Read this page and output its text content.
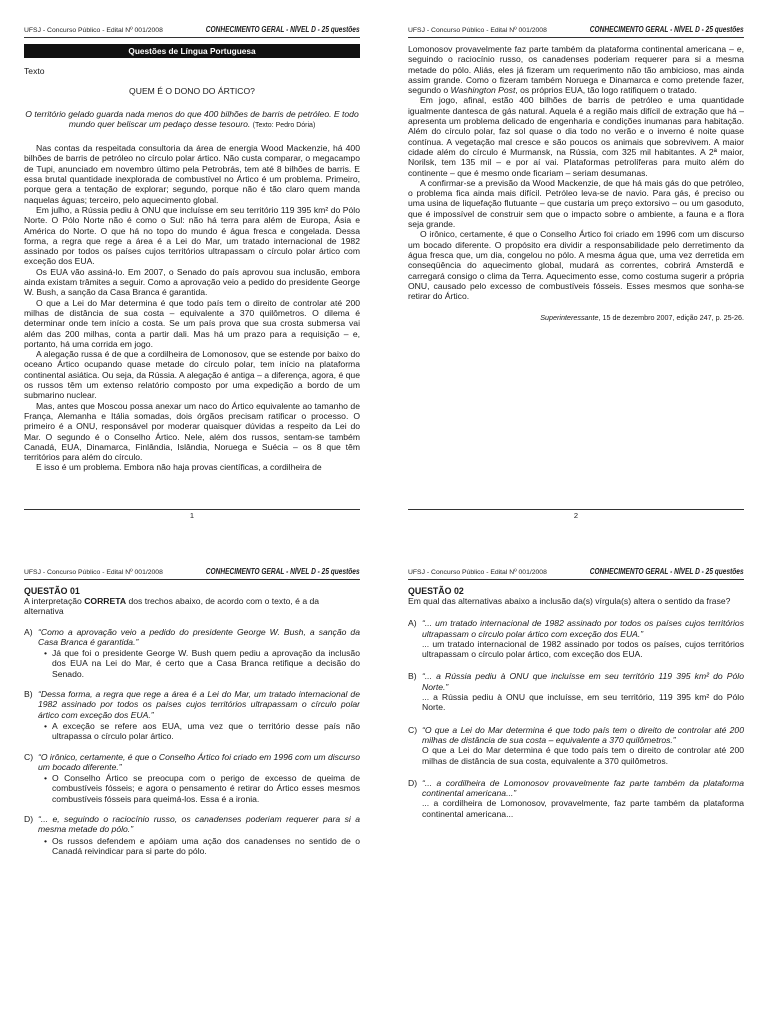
UFSJ - Concurso Público - Edital Nº 001/2008	CONHECIMENTO GERAL - NÍVEL D - 25 questões
Questões de Língua Portuguesa
Texto
QUEM É O DONO DO ÁRTICO?
O território gelado guarda nada menos do que 400 bilhões de barris de petróleo. E todo mundo quer beliscar um pedaço desse tesouro. (Texto: Pedro Dória)
Nas contas da respeitada consultoria da área de energia Wood Mackenzie, há 400 bilhões de barris de petróleo no círculo polar ártico. Não custa comparar, o megacampo de Tupi, anunciado em novembro último pela Petrobrás, tem até 8 bilhões de barris. E essa brutal quantidade inexplorada de combustível no Ártico é um problema. Primeiro, porque gera a tentação de explorar; segundo, porque não é tão claro quem manda naquelas águas; terceiro, pelo aquecimento global.
Em julho, a Rússia pediu à ONU que incluísse em seu território 119 395 km² do Pólo Norte. O Pólo Norte não é como o Sul: não há terra para além de Europa, Ásia e América do Norte. O que há no topo do mundo é água fresca e congelada. Dessa forma, a regra que rege a área é a Lei do Mar, um tratado internacional de 1982 assinado por todos os países cujos territórios ultrapassam o círculo polar ártico com exceção dos EUA.
Os EUA vão assiná-lo. Em 2007, o Senado do país aprovou sua inclusão, embora ainda existam trâmites a seguir. Como a aprovação veio a pedido do presidente George W. Bush, a sanção da Casa Branca é garantida.
O que a Lei do Mar determina é que todo país tem o direito de controlar até 200 milhas de distância de sua costa – equivalente a 370 quilômetros. O dilema é determinar onde tem início a costa. Se um país prova que sua crosta submersa vai além das 200 milhas, conta a partir dali. Mas há um prazo para a requisição – e, portanto, há uma corrida em jogo.
A alegação russa é de que a cordilheira de Lomonosov, que se estende por baixo do oceano Ártico ocupando quase metade do círculo polar, tem início na plataforma continental asiática. Ou seja, da Rússia. A alegação é antiga – a diferença, agora, é que os russos têm um extenso relatório composto por uma expedição a bordo de um submarino nuclear.
Mas, antes que Moscou possa anexar um naco do Ártico equivalente ao tamanho de França, Alemanha e Itália somadas, dois órgãos precisam ratificar o processo. O primeiro é a ONU, responsável por moderar quaisquer dúvidas a respeito da Lei do Mar. O segundo é o Conselho Ártico. Nele, além dos russos, sentam-se também Canadá, EUA, Dinamarca, Finlândia, Islândia, Noruega e Suécia – os 8 que têm territórios para além do círculo.
E isso é um problema. Embora não haja provas científicas, a cordilheira de
1
UFSJ - Concurso Público - Edital Nº 001/2008	CONHECIMENTO GERAL - NÍVEL D - 25 questões
Lomonosov provavelmente faz parte também da plataforma continental americana – e, seguindo o raciocínio russo, os canadenses poderiam requerer para si a mesma metade do pólo. Aliás, eles já fizeram um requerimento não tão ambicioso, mas ainda assim grande. Como o fizeram também Noruega e Dinamarca e como pretende fazer, segundo o Washington Post, os próprios EUA, tão logo ratifiquem o tratado.
Em jogo, afinal, estão 400 bilhões de barris de petróleo e uma quantidade igualmente dantesca de gás natural. Aquela é a região mais difícil de extração que há – apresenta um problema delicado de engenharia e condições inumanas para habitação. Além do círculo polar, faz sol quase o dia todo no verão e o inverno é noite quase contínua. A vegetação mal cresce e são poucos os animais que sobrevivem. A maior cidade além do círculo é Murmansk, na Rússia, com 325 mil habitantes. A 2ª maior, Norilsk, tem 135 mil – e por aí vai. Plataformas petrolíferas para muito além do continente – que é mesmo onde ficariam – seriam desumanas.
A confirmar-se a previsão da Wood Mackenzie, de que há mais gás do que petróleo, o problema fica ainda mais difícil. Petróleo leva-se de navio. Para gás, é preciso ou uma usina de liquefação flutuante – que custaria um preço extorsivo – ou um gasoduto, que é impossível de construir sem que o impacto sobre o ambiente, a fauna e a flora seja grande.
O irônico, certamente, é que o Conselho Ártico foi criado em 1996 com um discurso um bocado diferente. O propósito era dividir a responsabilidade pelo derretimento da água fresca que, um dia, congelou no pólo. A mesma água que, uma vez derretida em conseqüência do aquecimento global, mudará as correntes, cobrirá Amsterdã e carregará consigo o clima da Terra. Aquecimento esse, como costuma sugerir a própria ONU, causado pelo excesso de combustíveis fósseis. Esses mesmos que sonha-se retirar do Ártico.
Superinteressante, 15 de dezembro 2007, edição 247, p. 25-26.
2
UFSJ - Concurso Público - Edital Nº 001/2008	CONHECIMENTO GERAL - NÍVEL D - 25 questões
QUESTÃO 01
A interpretação CORRETA dos trechos abaixo, de acordo com o texto, é a da alternativa
A) “Como a aprovação veio a pedido do presidente George W. Bush, a sanção da Casa Branca é garantida.”
• Já que foi o presidente George W. Bush quem pediu a aprovação da inclusão dos EUA na Lei do Mar, é certo que a Casa Branca retifique a decisão do Senado.
B) “Dessa forma, a regra que rege a área é a Lei do Mar, um tratado internacional de 1982 assinado por todos os países cujos territórios ultrapassam o círculo polar ártico com exceção dos EUA.”
• A exceção se refere aos EUA, uma vez que o território desse país não ultrapassa o círculo polar ártico.
C) “O irônico, certamente, é que o Conselho Ártico foi criado em 1996 com um discurso um bocado diferente.”
• O Conselho Ártico se preocupa com o perigo de excesso de queima de combustíveis fósseis; e agora o pensamento é retirar do Ártico esses mesmos combustíveis fósseis para queimá-los. Essa é a ironia.
D) “... e, seguindo o raciocínio russo, os canadenses poderiam requerer para si a mesma metade do pólo.”
• Os russos defendem e apóiam uma ação dos canadenses no sentido de o Canadá reivindicar para si parte do pólo.
UFSJ - Concurso Público - Edital Nº 001/2008	CONHECIMENTO GERAL - NÍVEL D - 25 questões
QUESTÃO 02
Em qual das alternativas abaixo a inclusão da(s) vírgula(s) altera o sentido da frase?
A) “... um tratado internacional de 1982 assinado por todos os países cujos territórios ultrapassam o círculo polar ártico com exceção dos EUA.”
... um tratado internacional de 1982 assinado por todos os países, cujos territórios ultrapassam o círculo polar ártico, com exceção dos EUA.
B) “... a Rússia pediu à ONU que incluísse em seu território 119 395 km² do Pólo Norte.”
... a Rússia pediu à ONU que incluísse, em seu território, 119 395 km² do Pólo Norte.
C) “O que a Lei do Mar determina é que todo país tem o direito de controlar até 200 milhas de distância de sua costa – equivalente a 370 quilômetros.”
O que a Lei do Mar determina é que todo país tem o direito de controlar até 200 milhas de distância de sua costa, equivalente a 370 quilômetros.
D) “... a cordilheira de Lomonosov provavelmente faz parte também da plataforma continental americana...”
... a cordilheira de Lomonosov, provavelmente, faz parte também da plataforma continental americana...
